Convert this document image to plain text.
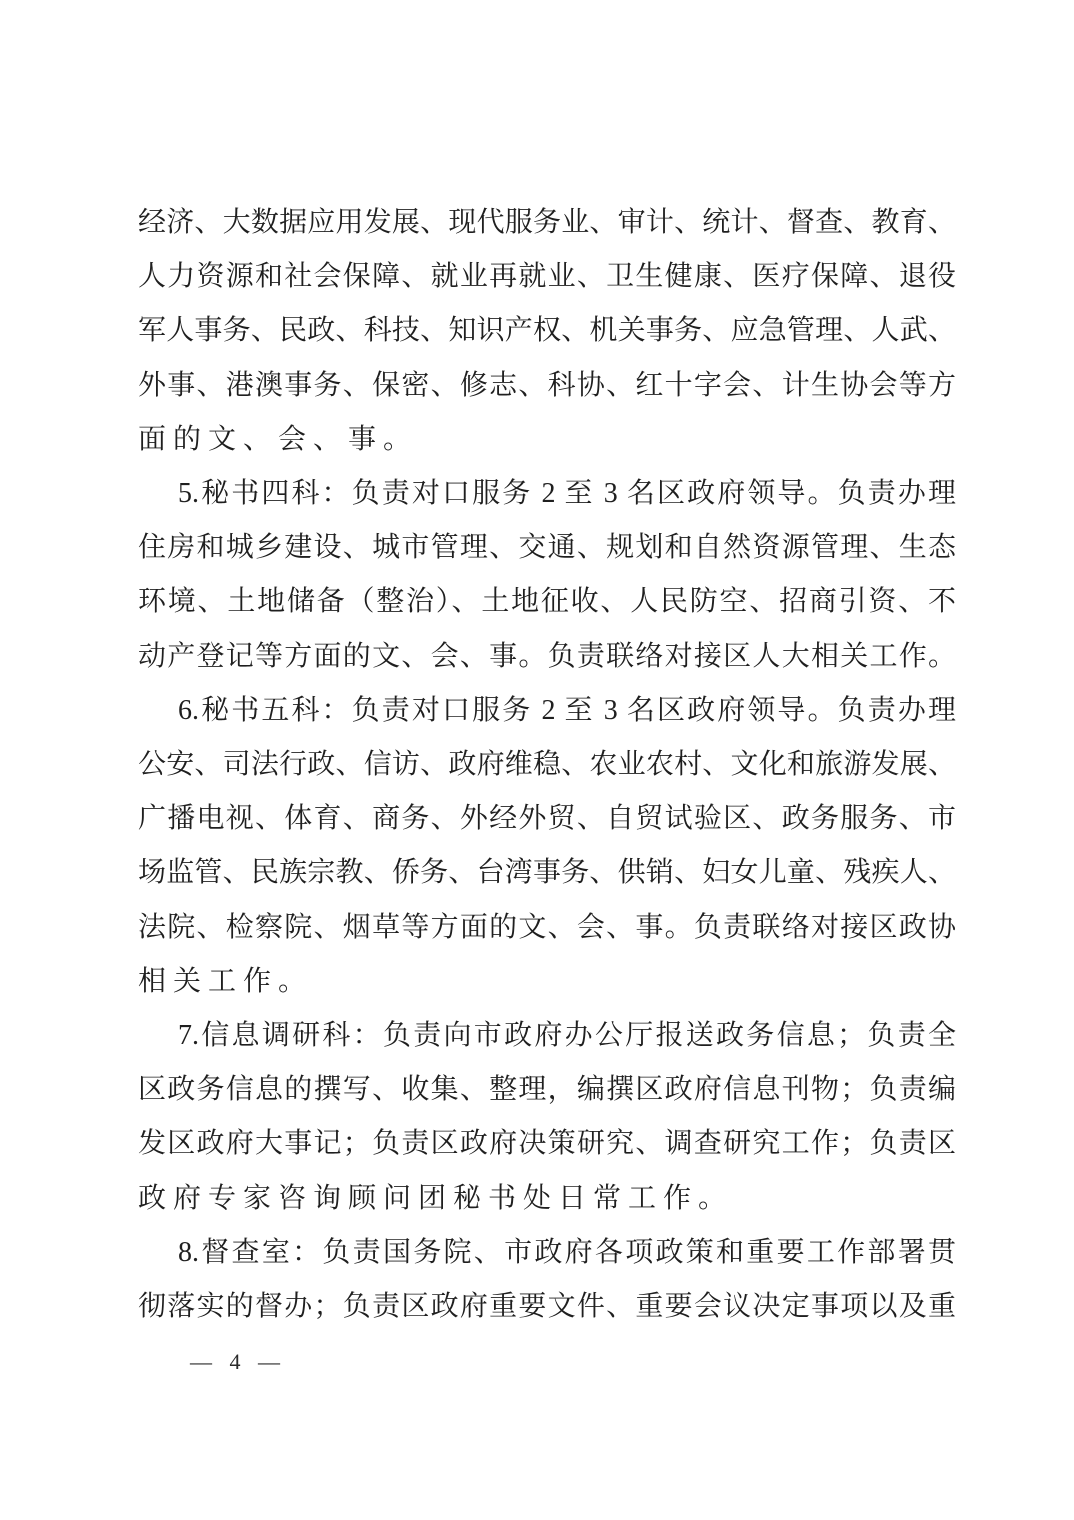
经济、大数据应用发展、现代服务业、审计、统计、督查、教育、
人力资源和社会保障、就业再就业、卫生健康、医疗保障、退役
军人事务、民政、科技、知识产权、机关事务、应急管理、人武、
外事、港澳事务、保密、修志、科协、红十字会、计生协会等方
面的文、会、事。
5.秘书四科：负责对口服务 2 至 3 名区政府领导。负责办理
住房和城乡建设、城市管理、交通、规划和自然资源管理、生态
环境、土地储备（整治）、土地征收、人民防空、招商引资、不
动产登记等方面的文、会、事。负责联络对接区人大相关工作。
6.秘书五科：负责对口服务 2 至 3 名区政府领导。负责办理
公安、司法行政、信访、政府维稳、农业农村、文化和旅游发展、
广播电视、体育、商务、外经外贸、自贸试验区、政务服务、市
场监管、民族宗教、侨务、台湾事务、供销、妇女儿童、残疾人、
法院、检察院、烟草等方面的文、会、事。负责联络对接区政协
相关工作。
7.信息调研科：负责向市政府办公厅报送政务信息；负责全
区政务信息的撰写、收集、整理，编撰区政府信息刊物；负责编
发区政府大事记；负责区政府决策研究、调查研究工作；负责区
政府专家咨询顾问团秘书处日常工作。
8.督查室：负责国务院、市政府各项政策和重要工作部署贯
彻落实的督办；负责区政府重要文件、重要会议决定事项以及重
— 4 —
